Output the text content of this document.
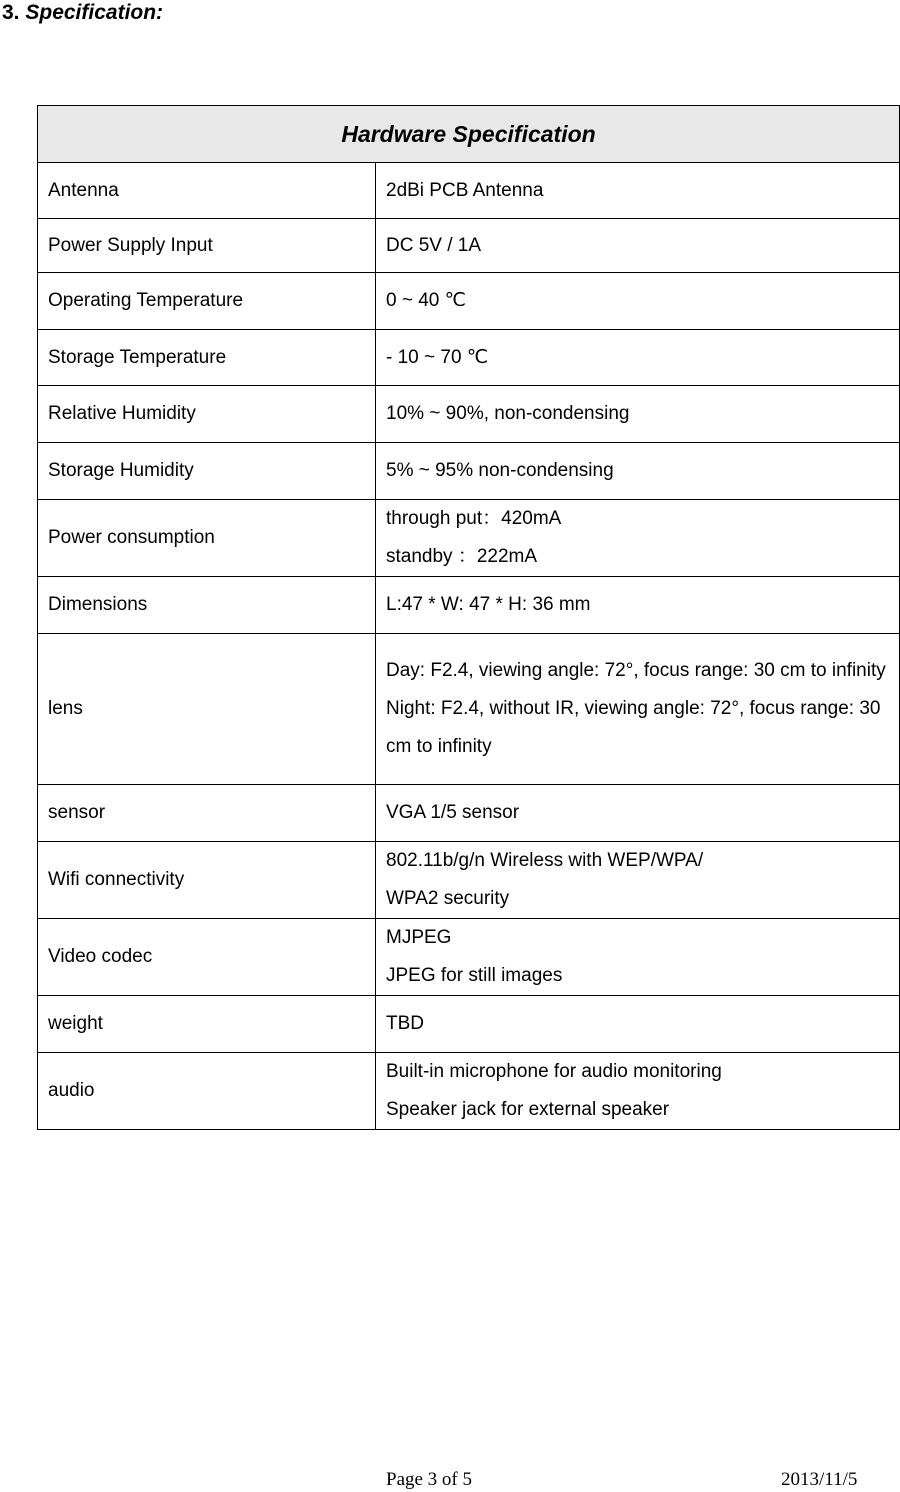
3. Specification:
Hardware Specification	
Antenna	2dBi PCB Antenna

Power Supply Input	DC 5V / 1A

Operating Temperature	0 ~ 40 ℃

Storage Temperature	- 10 ~ 70 ℃

Relative Humidity	10% ~ 90%, non-condensing

Storage Humidity	5% ~ 95% non-condensing

Power consumption	through put：420mA
standby ：222mA

Dimensions	L:47 * W: 47 * H: 36 mm

lens	Day: F2.4, viewing angle: 72°, focus range: 30 cm to infinity
Night: F2.4, without IR, viewing angle: 72°, focus range: 30 cm to infinity

sensor	VGA 1/5 sensor

Wifi connectivity	802.11b/g/n Wireless with WEP/WPA/
WPA2 security

Video codec	MJPEG
JPEG for still images

weight	TBD

audio	Built-in microphone for audio monitoring
Speaker jack for external speaker
Page 3 of 5	2013/11/5
